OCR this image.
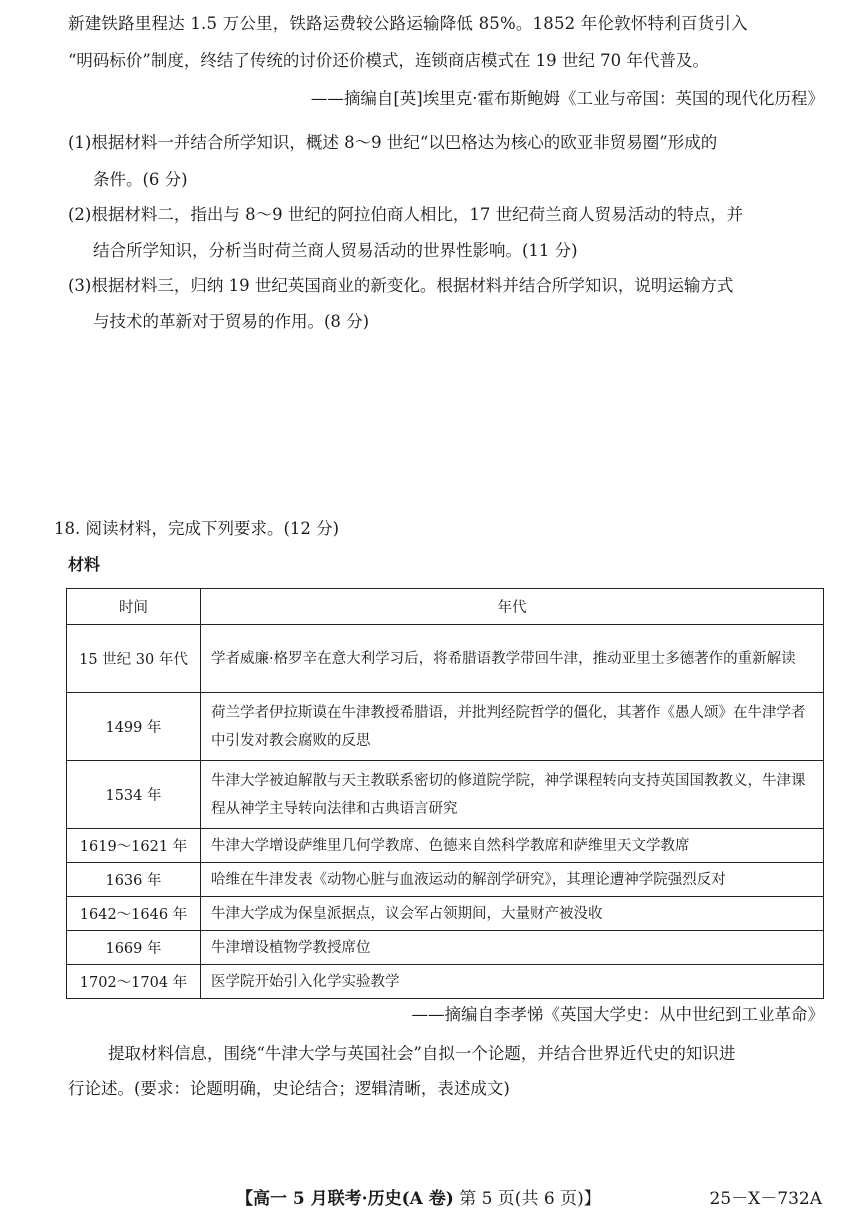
新建铁路里程达 1.5 万公里，铁路运费较公路运输降低 85%。1852 年伦敦怀特利百货引入
“明码标价”制度，终结了传统的讨价还价模式，连锁商店模式在 19 世纪 70 年代普及。
——摘编自[英]埃里克·霍布斯鲍姆《工业与帝国：英国的现代化历程》
(1)根据材料一并结合所学知识，概述 8～9 世纪“以巴格达为核心的欧亚非贸易圈”形成的
条件。(6 分)
(2)根据材料二，指出与 8～9 世纪的阿拉伯商人相比，17 世纪荷兰商人贸易活动的特点，并
结合所学知识，分析当时荷兰商人贸易活动的世界性影响。(11 分)
(3)根据材料三，归纳 19 世纪英国商业的新变化。根据材料并结合所学知识，说明运输方式
与技术的革新对于贸易的作用。(8 分)
18. 阅读材料，完成下列要求。(12 分)
材料
时间	年代
15 世纪 30 年代	学者威廉·格罗辛在意大利学习后，将希腊语教学带回牛津，推动亚里士多德著作的重新解读
1499 年	荷兰学者伊拉斯谟在牛津教授希腊语，并批判经院哲学的僵化，其著作《愚人颂》在牛津学者中引发对教会腐败的反思
1534 年	牛津大学被迫解散与天主教联系密切的修道院学院，神学课程转向支持英国国教教义，牛津课程从神学主导转向法律和古典语言研究
1619～1621 年	牛津大学增设萨维里几何学教席、色德来自然科学教席和萨维里天文学教席
1636 年	哈维在牛津发表《动物心脏与血液运动的解剖学研究》，其理论遭神学院强烈反对
1642～1646 年	牛津大学成为保皇派据点，议会军占领期间，大量财产被没收
1669 年	牛津增设植物学教授席位
1702～1704 年	医学院开始引入化学实验教学
——摘编自李孝悌《英国大学史：从中世纪到工业革命》
提取材料信息，围绕“牛津大学与英国社会”自拟一个论题，并结合世界近代史的知识进
行论述。(要求：论题明确，史论结合；逻辑清晰，表述成文)
【高一 5 月联考·历史(A 卷) 第 5 页(共 6 页)】	25－X－732A
